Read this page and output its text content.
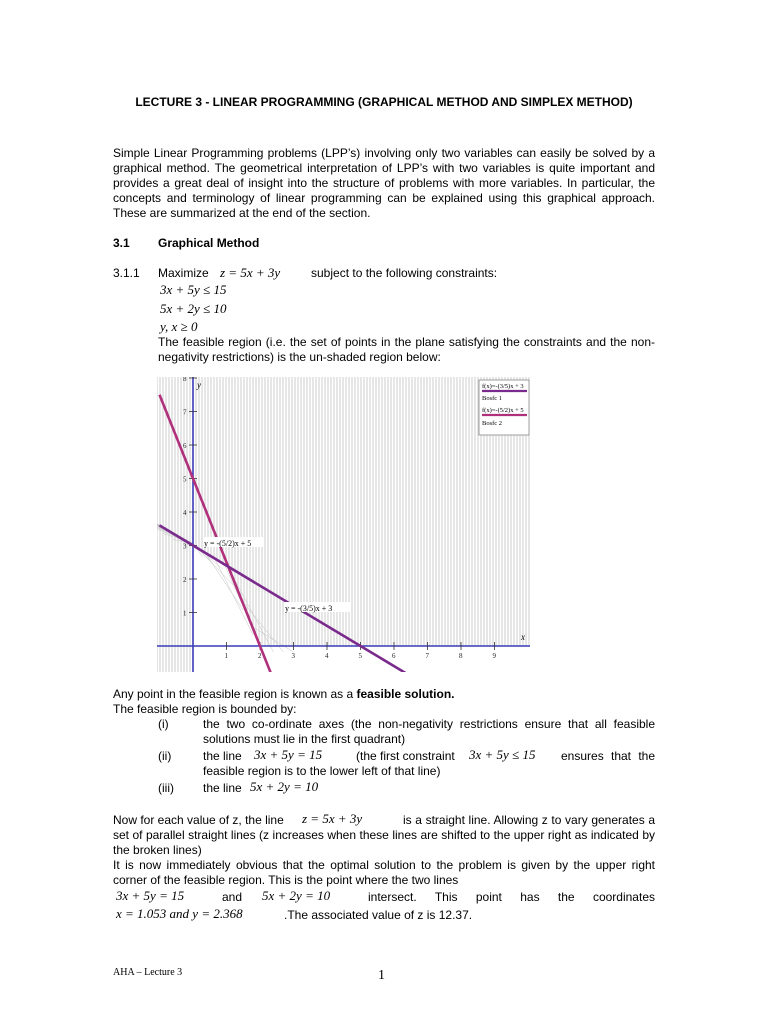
LECTURE 3 - LINEAR PROGRAMMING (GRAPHICAL METHOD AND SIMPLEX METHOD)
Simple Linear Programming problems (LPP’s) involving only two variables can easily be solved by a graphical method. The geometrical interpretation of LPP’s with two variables is quite important and provides a great deal of insight into the structure of problems with more variables. In particular, the concepts and terminology of linear programming can be explained using this graphical approach. These are summarized at the end of the section.
3.1 Graphical Method
3.1.1 Maximize z = 5x + 3y	subject to the following constraints:
3x + 5y ≤ 15
5x + 2y ≤ 10
y, x ≥ 0
The feasible region (i.e. the set of points in the plane satisfying the constraints and the non-negativity restrictions) is the un-shaded region below:
1
2
3
4
5
6
7
8
1	2	3	4	5	6	7	8	9
y
x
y = -(5/2)x + 5
y = -(3/5)x + 3
f(x)=-(3/5)x + 3
Bosfc 1
f(x)=-(5/2)x + 5
Bosfc 2
Any point in the feasible region is known as a feasible solution.
The feasible region is bounded by:
(i)	the two co-ordinate axes (the non-negativity restrictions ensure that all feasible solutions must lie in the first quadrant)
(ii)	the line 3x + 5y = 15	(the first constraint 3x + 5y ≤ 15	ensures that the feasible region is to the lower left of that line)
(iii) the line 5x + 2y = 10
Now for each value of z, the line z = 5x + 3y	is a straight line. Allowing z to vary generates a set of parallel straight lines (z increases when these lines are shifted to the upper right as indicated by the broken lines)
It is now immediately obvious that the optimal solution to the problem is given by the upper right corner of the feasible region. This is the point where the two lines
3x + 5y = 15	and 5x + 2y = 10	intersect. This point has the coordinates
x = 1.053 and y = 2.368	.The associated value of z is 12.37.
AHA – Lecture 3	1
